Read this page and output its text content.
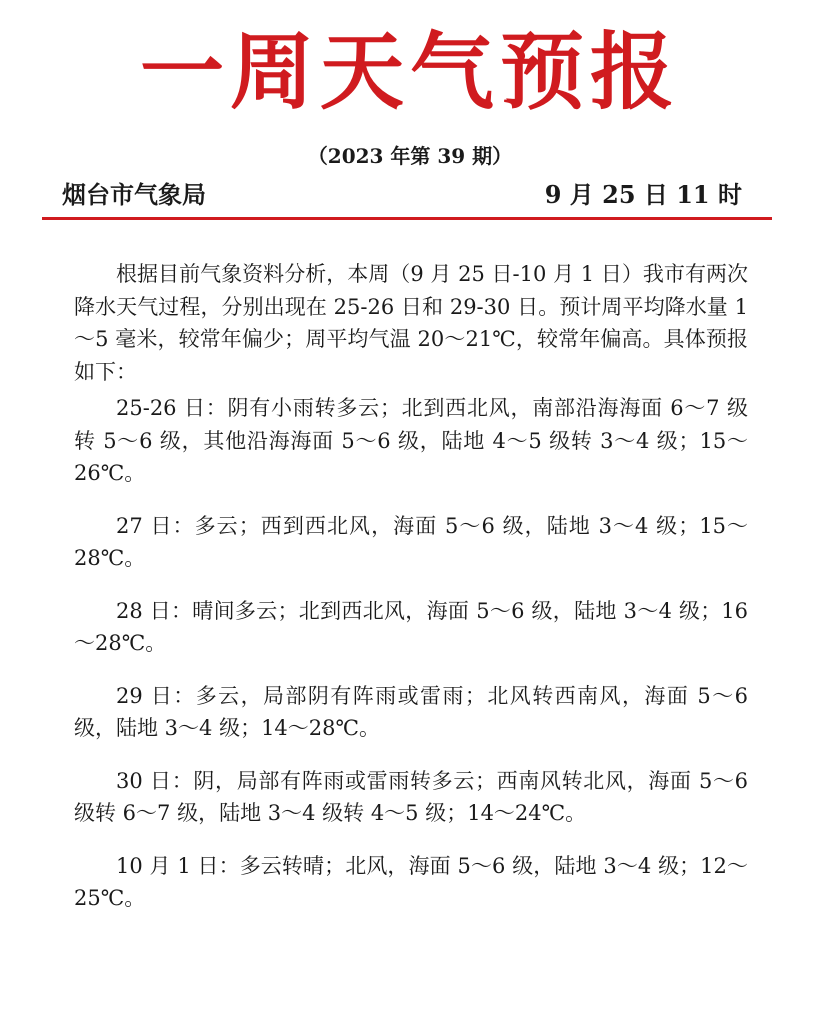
一周天气预报
（2023 年第 39 期）
烟台市气象局	9 月 25 日 11 时

根据目前气象资料分析，本周（9 月 25 日-10 月 1 日）我市有两次降水天气过程，分别出现在 25-26 日和 29-30 日。预计周平均降水量 1～5 毫米，较常年偏少；周平均气温 20～21℃，较常年偏高。具体预报如下：

25-26 日：阴有小雨转多云；北到西北风，南部沿海海面 6～7 级转 5～6 级，其他沿海海面 5～6 级，陆地 4～5 级转 3～4 级；15～26℃。

27 日：多云；西到西北风，海面 5～6 级，陆地 3～4 级；15～28℃。

28 日：晴间多云；北到西北风，海面 5～6 级，陆地 3～4 级；16～28℃。

29 日：多云，局部阴有阵雨或雷雨；北风转西南风，海面 5～6 级，陆地 3～4 级；14～28℃。

30 日：阴，局部有阵雨或雷雨转多云；西南风转北风，海面 5～6 级转 6～7 级，陆地 3～4 级转 4～5 级；14～24℃。

10 月 1 日：多云转晴；北风，海面 5～6 级，陆地 3～4 级；12～25℃。
